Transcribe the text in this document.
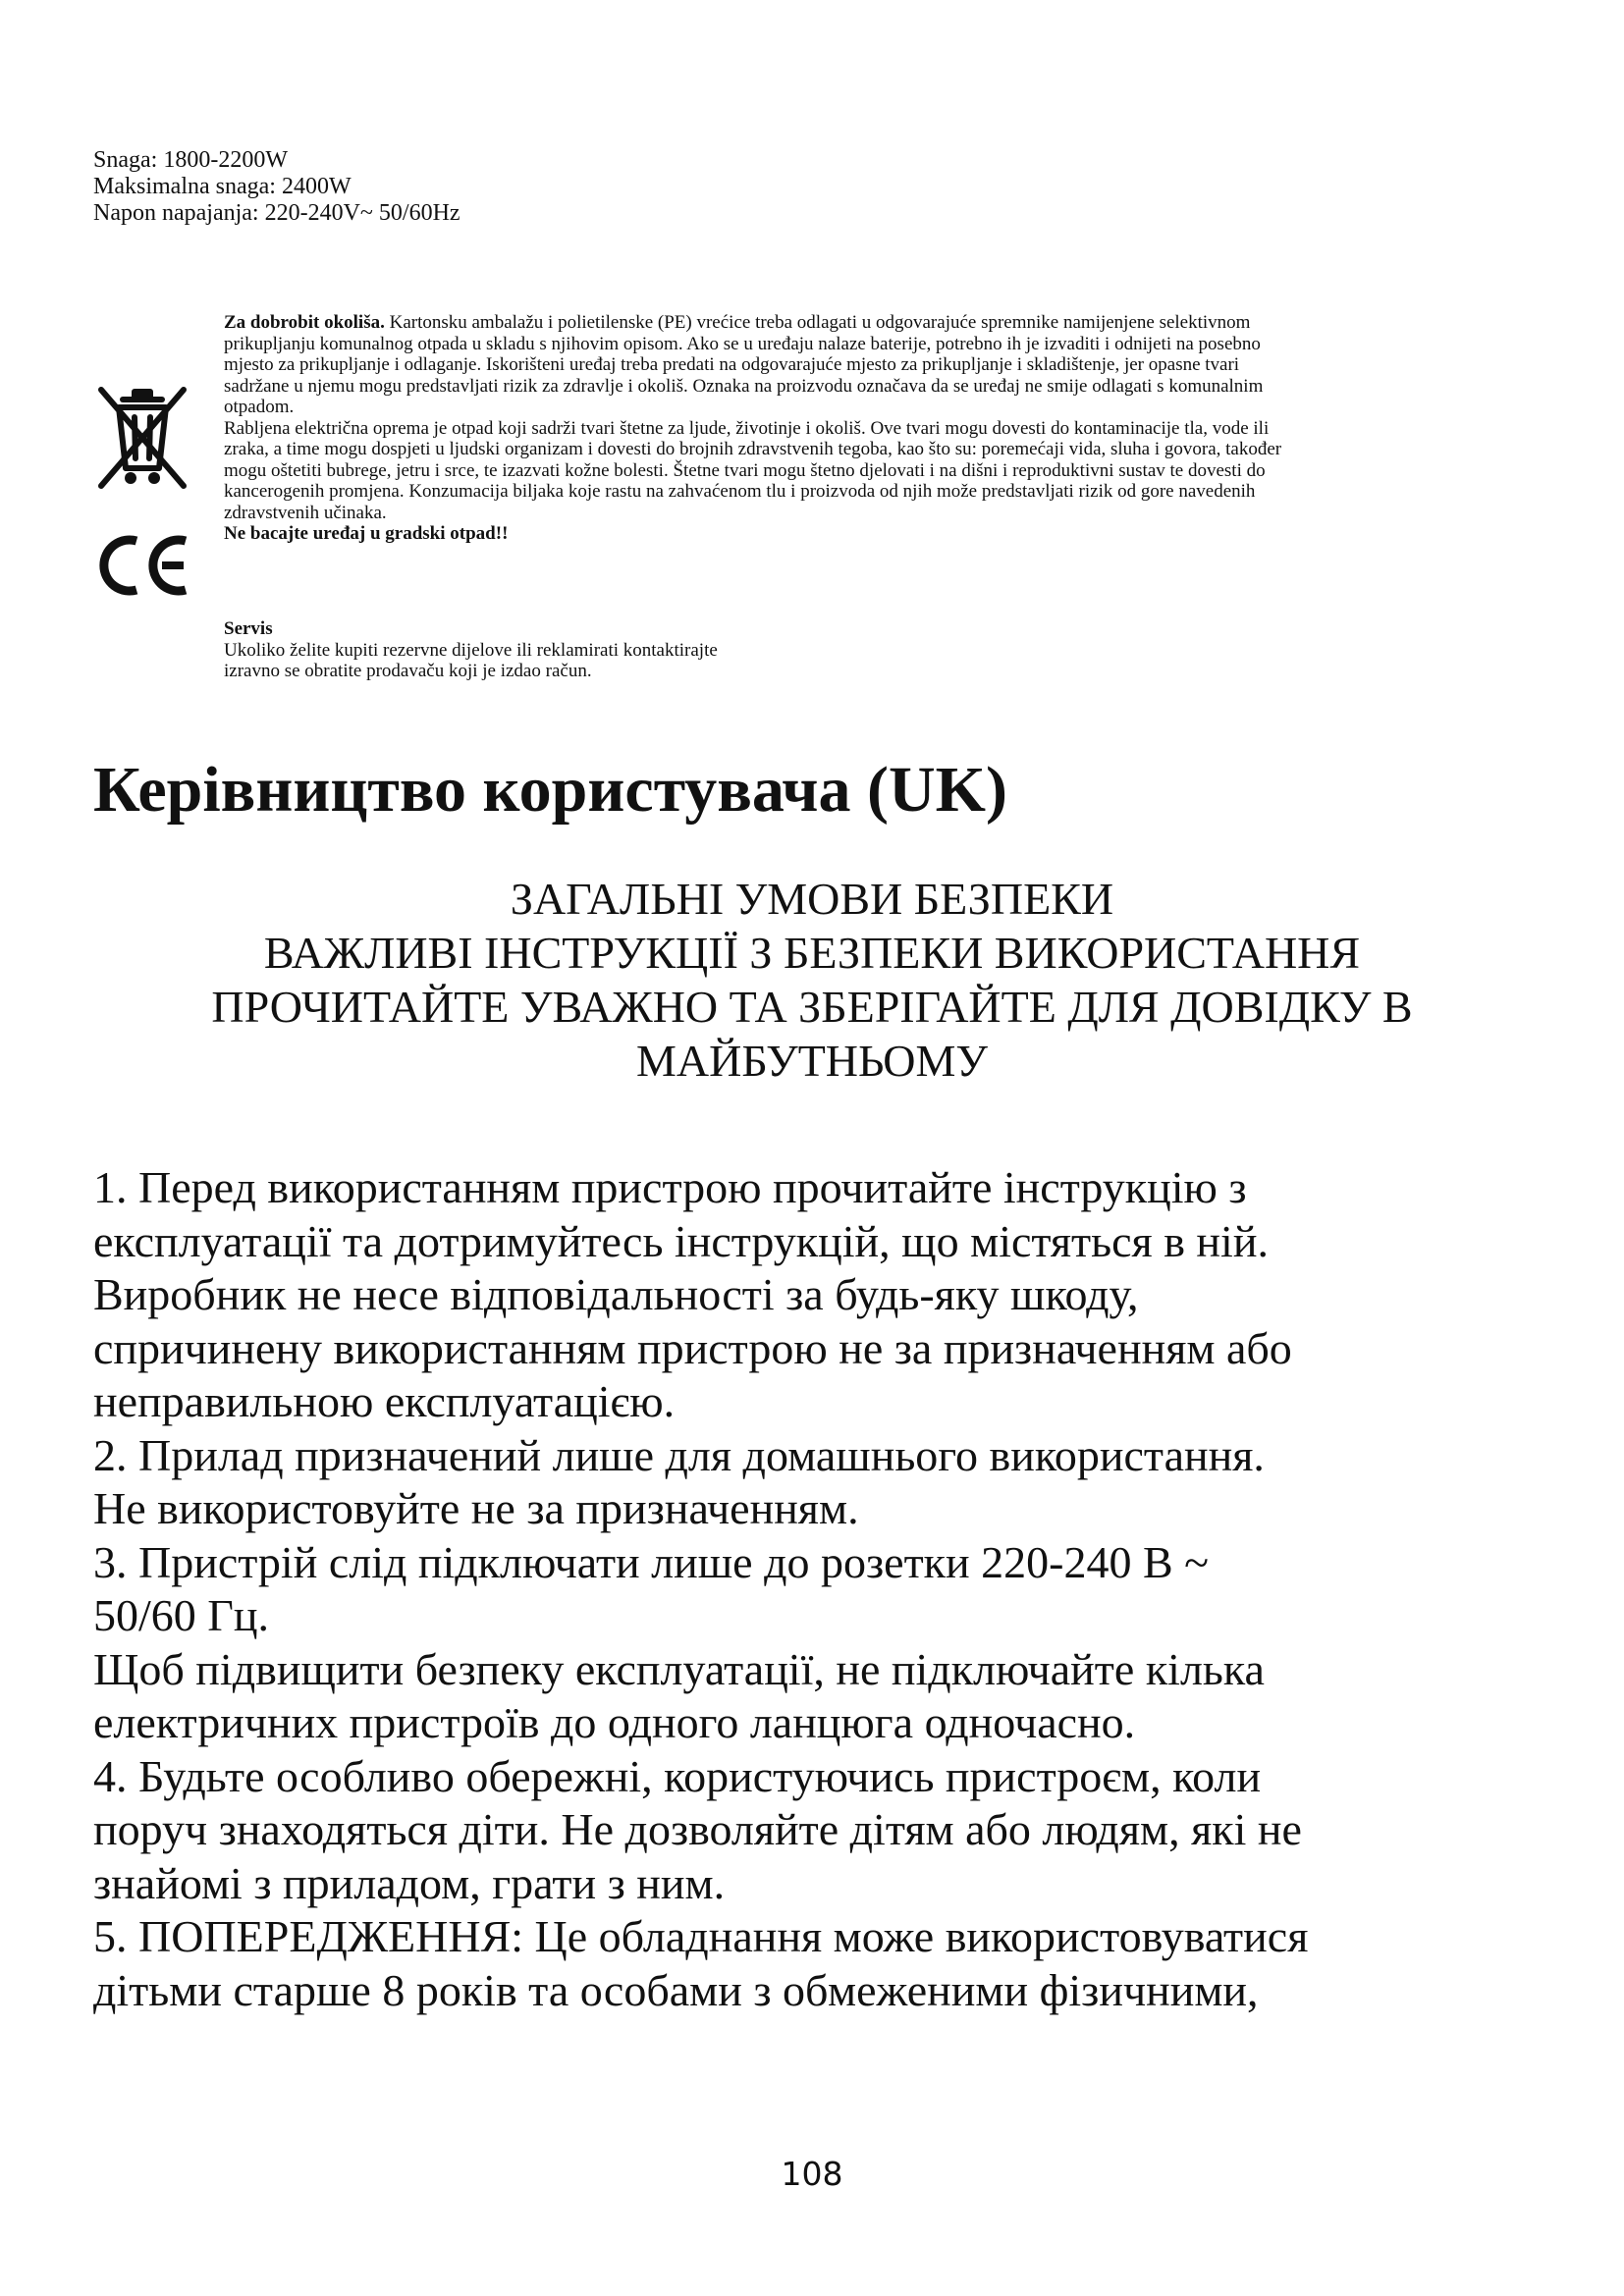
Snaga: 1800-2200W
Maksimalna snaga: 2400W
Napon napajanja: 220-240V~ 50/60Hz

Za dobrobit okoliša. Kartonsku ambalažu i polietilenske (PE) vrećice treba odlagati u odgovarajuće spremnike namijenjene selektivnom

prikupljanju komunalnog otpada u skladu s njihovim opisom. Ako se u uređaju nalaze baterije, potrebno ih je izvaditi i odnijeti na posebno

mjesto za prikupljanje i odlaganje. Iskorišteni uređaj treba predati na odgovarajuće mjesto za prikupljanje i skladištenje, jer opasne tvari

sadržane u njemu mogu predstavljati rizik za zdravlje i okoliš. Oznaka na proizvodu označava da se uređaj ne smije odlagati s komunalnim

otpadom.

Rabljena električna oprema je otpad koji sadrži tvari štetne za ljude, životinje i okoliš. Ove tvari mogu dovesti do kontaminacije tla, vode ili

zraka, a time mogu dospjeti u ljudski organizam i dovesti do brojnih zdravstvenih tegoba, kao što su: poremećaji vida, sluha i govora, također

mogu oštetiti bubrege, jetru i srce, te izazvati kožne bolesti. Štetne tvari mogu štetno djelovati i na dišni i reproduktivni sustav te dovesti do

kancerogenih promjena. Konzumacija biljaka koje rastu na zahvaćenom tlu i proizvoda od njih može predstavljati rizik od gore navedenih

zdravstvenih učinaka.

Ne bacajte uređaj u gradski otpad!!

Servis
Ukoliko želite kupiti rezervne dijelove ili reklamirati kontaktirajte
izravno se obratite prodavaču koji je izdao račun.
Керівництво користувача (UK)
ЗАГАЛЬНІ УМОВИ БЕЗПЕКИ
ВАЖЛИВІ ІНСТРУКЦІЇ З БЕЗПЕКИ ВИКОРИСТАННЯ
ПРОЧИТАЙТЕ УВАЖНО ТА ЗБЕРІГАЙТЕ ДЛЯ ДОВІДКУ В
МАЙБУТНЬОМУ
1. Перед використанням пристрою прочитайте інструкцію з
експлуатації та дотримуйтесь інструкцій, що містяться в ній.
Виробник не несе відповідальності за будь-яку шкоду,
спричинену використанням пристрою не за призначенням або
неправильною експлуатацією.
2. Прилад призначений лише для домашнього використання.
Не використовуйте не за призначенням.
3. Пристрій слід підключати лише до розетки 220-240 В ~
50/60 Гц.
Щоб підвищити безпеку експлуатації, не підключайте кілька
електричних пристроїв до одного ланцюга одночасно.
4. Будьте особливо обережні, користуючись пристроєм, коли
поруч знаходяться діти. Не дозволяйте дітям або людям, які не
знайомі з приладом, грати з ним.
5. ПОПЕРЕДЖЕННЯ: Це обладнання може використовуватися
дітьми старше 8 років та особами з обмеженими фізичними,
108
